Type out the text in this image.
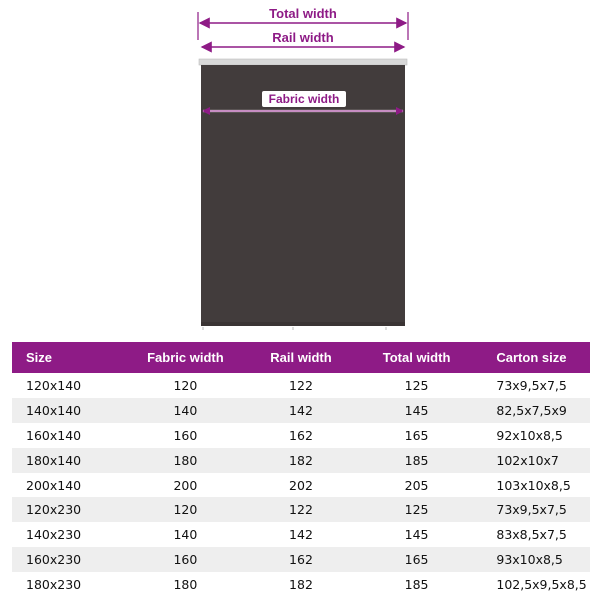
Total width
Rail width
Fabric width
Size	Fabric width	Rail width	Total width	Carton size
120x140	120	122	125	73x9,5x7,5
140x140	140	142	145	82,5x7,5x9
160x140	160	162	165	92x10x8,5
180x140	180	182	185	102x10x7
200x140	200	202	205	103x10x8,5
120x230	120	122	125	73x9,5x7,5
140x230	140	142	145	83x8,5x7,5
160x230	160	162	165	93x10x8,5
180x230	180	182	185	102,5x9,5x8,5
